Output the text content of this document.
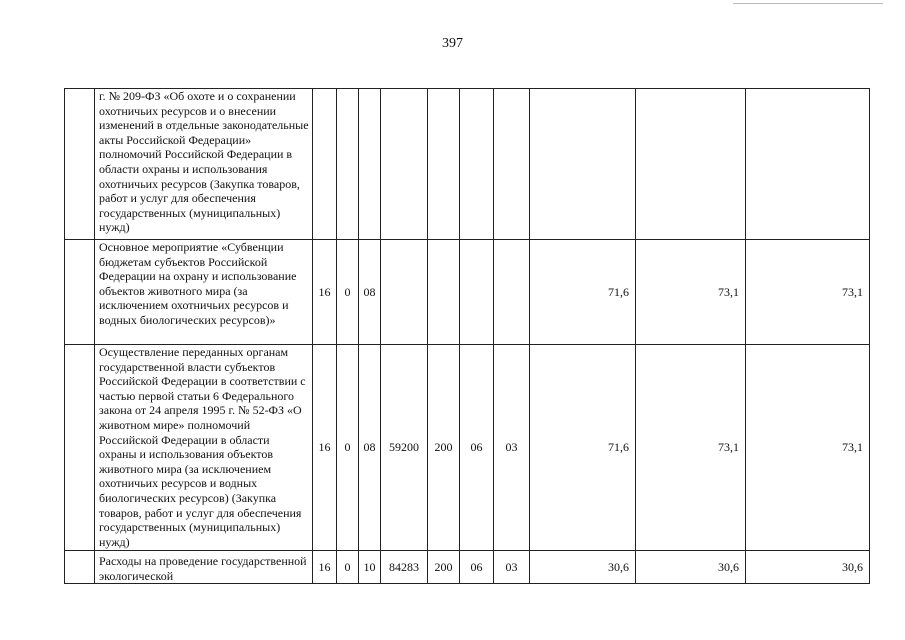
397
	г. № 209-ФЗ «Об охоте и о сохранении охотничьих ресурсов и о внесении изменений в отдельные законодательные акты Российской Федерации» полномочий Российской Федерации в области охраны и использования охотничьих ресурсов (Закупка товаров, работ и услуг для обеспечения государственных (муниципальных) нужд)										
	Основное мероприятие «Субвенции бюджетам субъектов Российской Федерации на охрану и использование объектов животного мира (за исключением охотничьих ресурсов и водных биологических ресурсов)»	16	0	08					71,6	73,1	73,1
	Осуществление переданных органам государственной власти субъектов Российской Федерации в соответствии с частью первой статьи 6 Федерального закона от 24 апреля 1995 г. № 52-ФЗ «О животном мире» полномочий Российской Федерации в области охраны и использования объектов животного мира (за исключением охотничьих ресурсов и водных биологических ресурсов) (Закупка товаров, работ и услуг для обеспечения государственных (муниципальных) нужд)	16	0	08	59200	200	06	03	71,6	73,1	73,1
	Расходы на проведение государственной экологической	16	0	10	84283	200	06	03	30,6	30,6	30,6
